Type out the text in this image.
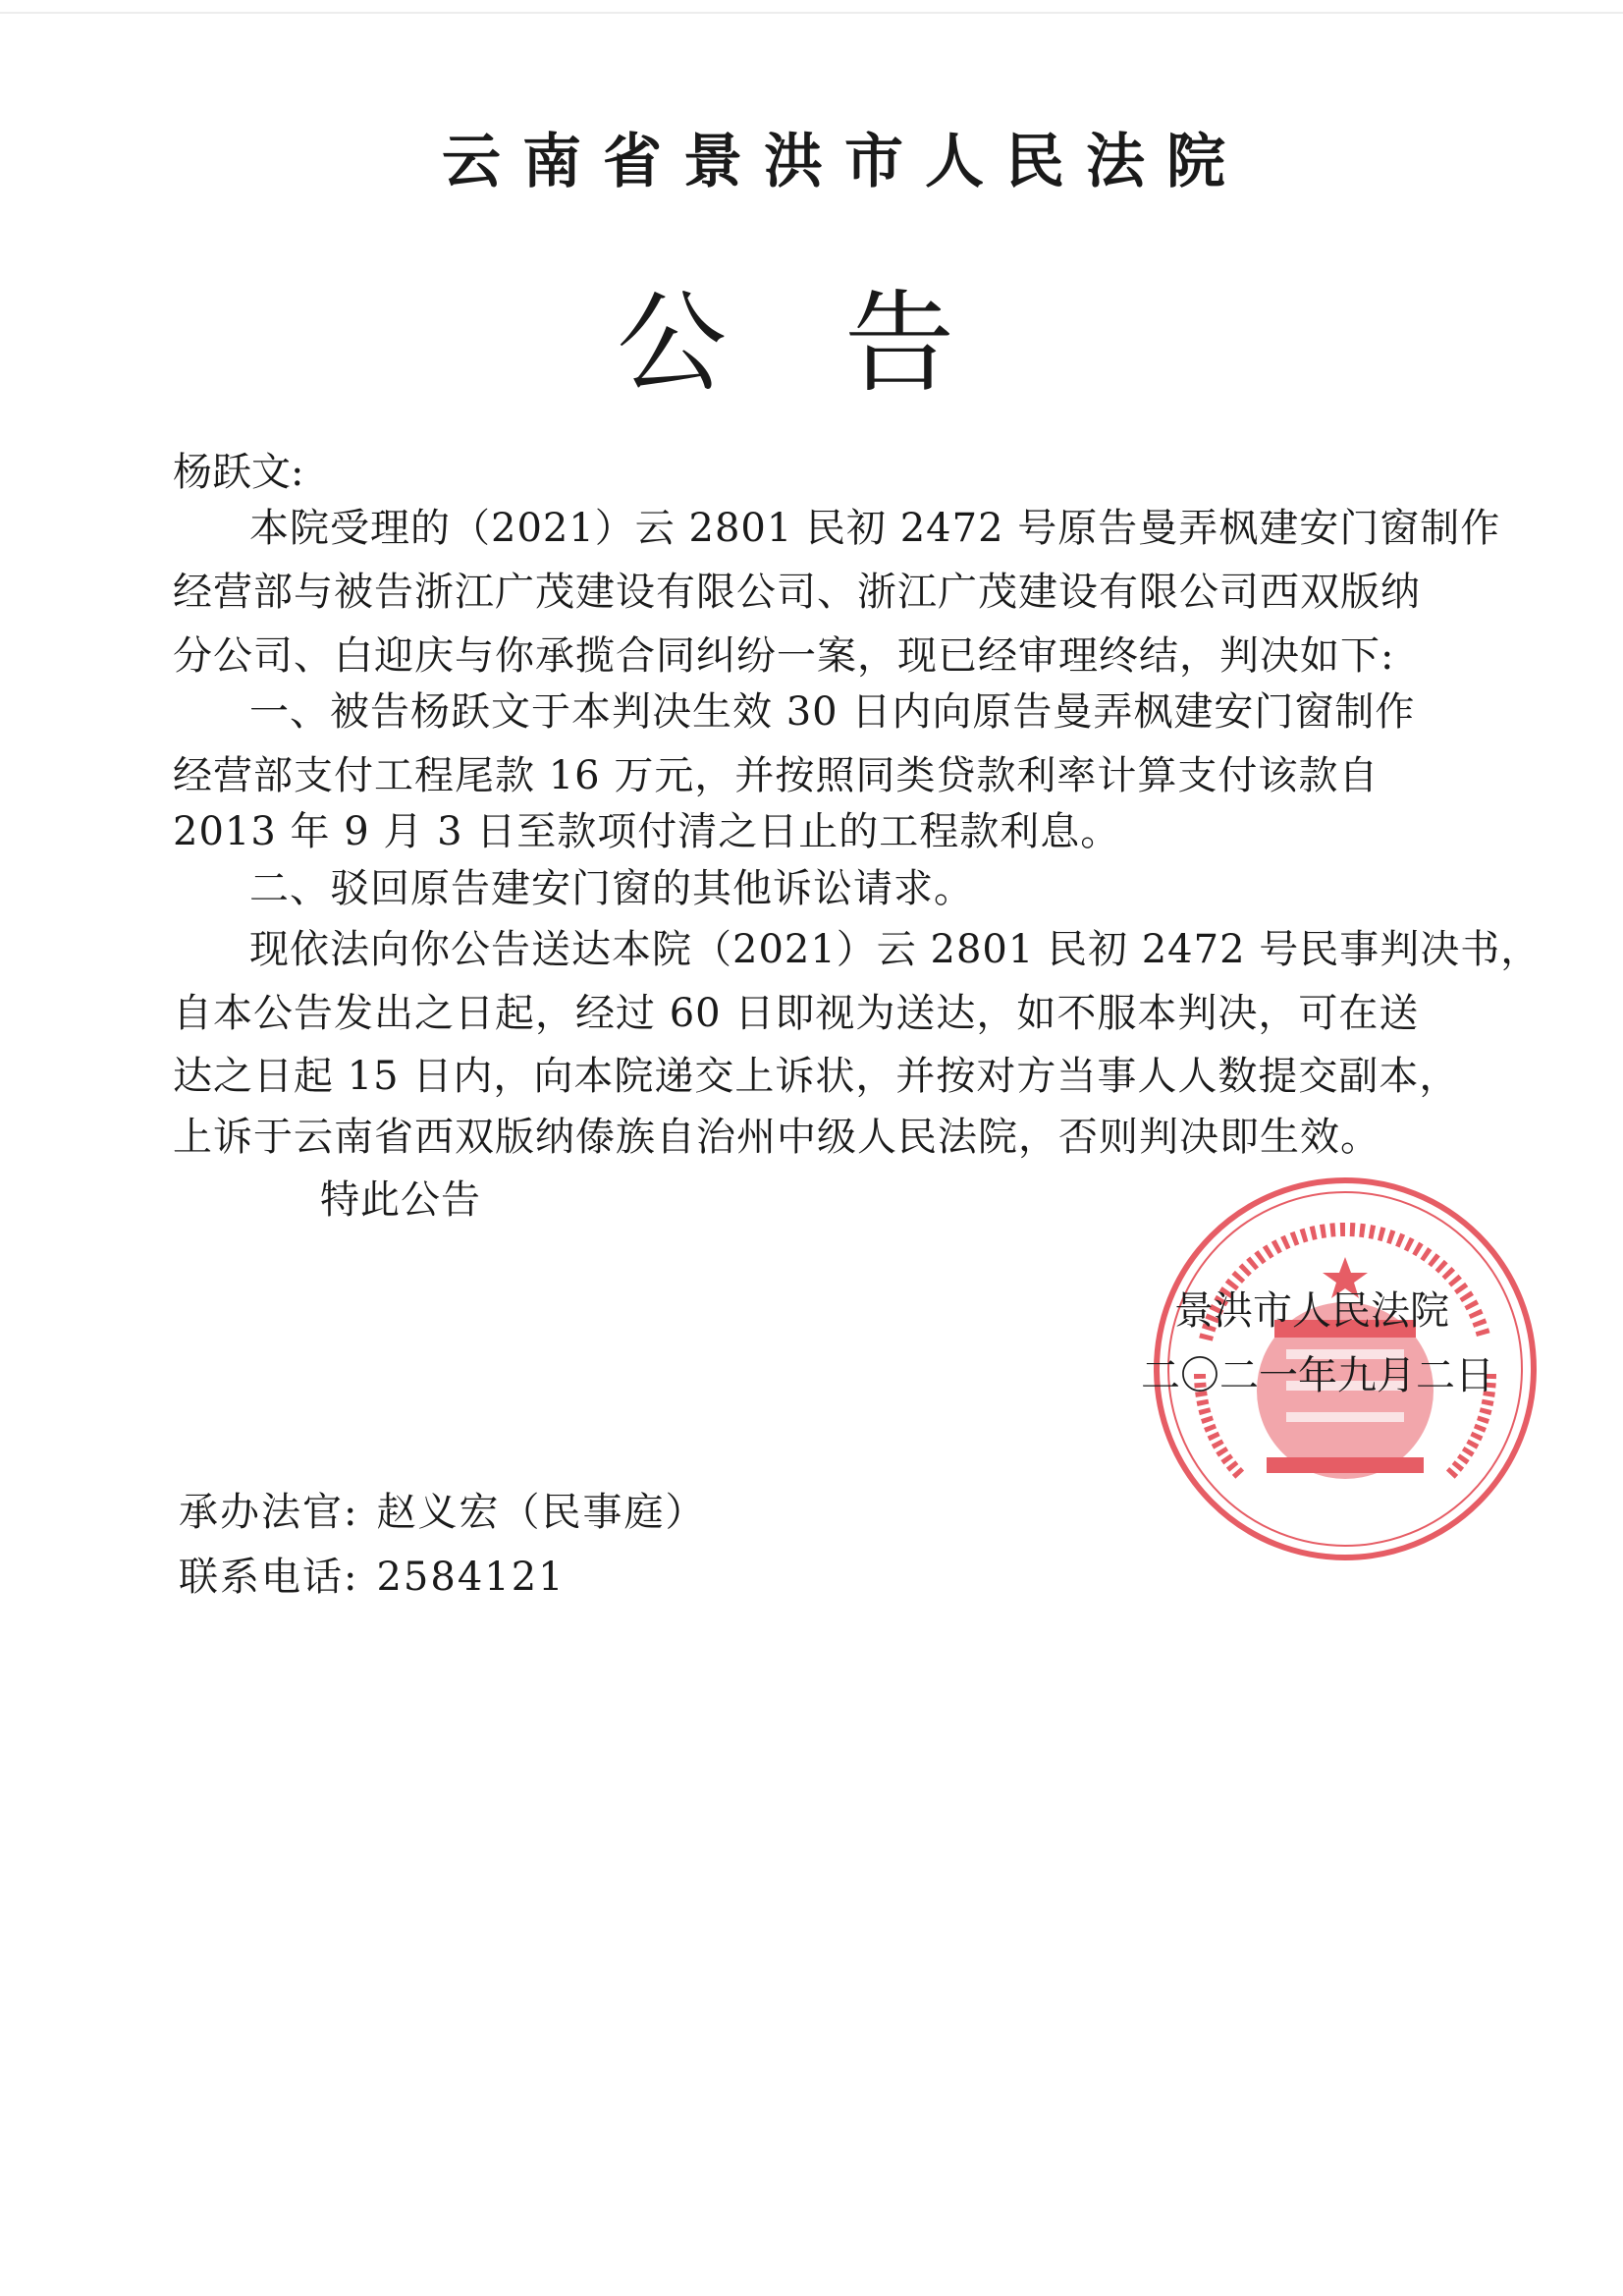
云南省景洪市人民法院
公告
杨跃文:
本院受理的（2021）云 2801 民初 2472 号原告曼弄枫建安门窗制作
经营部与被告浙江广茂建设有限公司、浙江广茂建设有限公司西双版纳
分公司、白迎庆与你承揽合同纠纷一案，现已经审理终结，判决如下:
一、被告杨跃文于本判决生效 30 日内向原告曼弄枫建安门窗制作
经营部支付工程尾款 16 万元，并按照同类贷款利率计算支付该款自
2013 年 9 月 3 日至款项付清之日止的工程款利息。
二、驳回原告建安门窗的其他诉讼请求。
现依法向你公告送达本院（2021）云 2801 民初 2472 号民事判决书，
自本公告发出之日起，经过 60 日即视为送达，如不服本判决，可在送
达之日起 15 日内，向本院递交上诉状，并按对方当事人人数提交副本，
上诉于云南省西双版纳傣族自治州中级人民法院，否则判决即生效。
特此公告
景洪市人民法院
二〇二一年九月二日
承办法官: 赵义宏（民事庭）
联系电话: 2584121
